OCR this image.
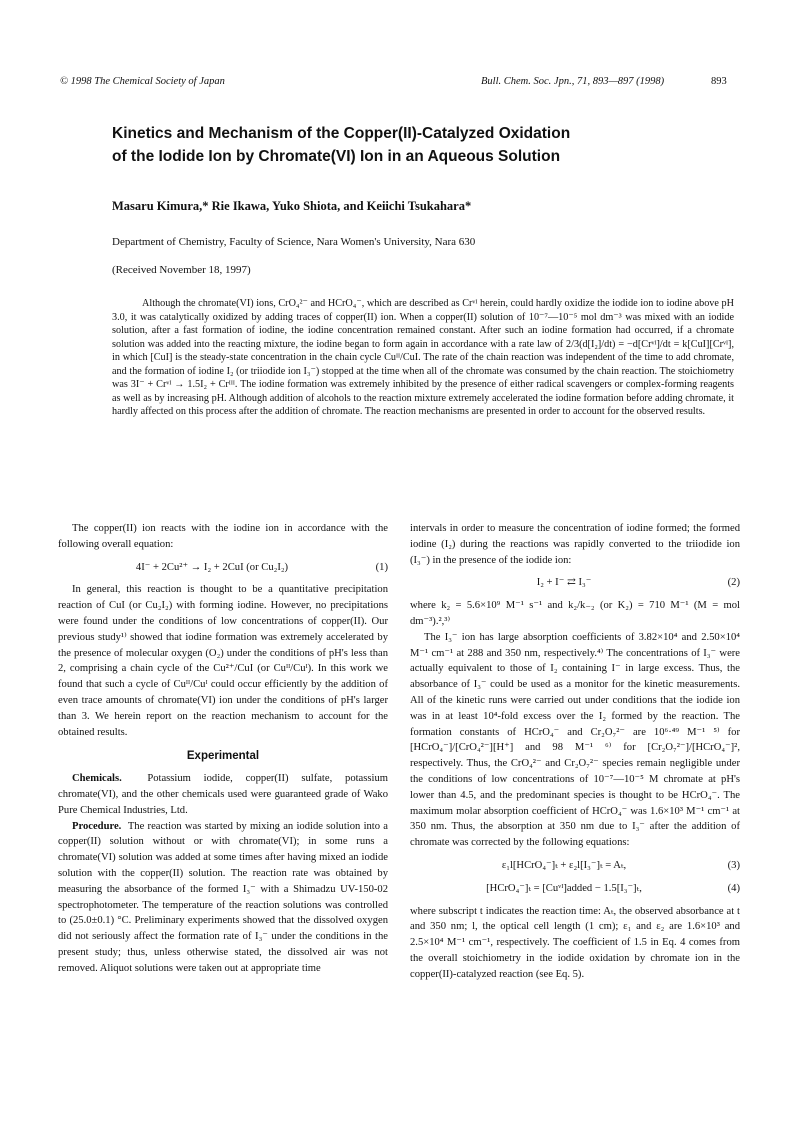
© 1998 The Chemical Society of Japan	Bull. Chem. Soc. Jpn., 71, 893—897 (1998)	893
Kinetics and Mechanism of the Copper(II)-Catalyzed Oxidation
of the Iodide Ion by Chromate(VI) Ion in an Aqueous Solution
Masaru Kimura,* Rie Ikawa, Yuko Shiota, and Keiichi Tsukahara*
Department of Chemistry, Faculty of Science, Nara Women's University, Nara 630
(Received November 18, 1997)

Although the chromate(VI) ions, CrO₄²⁻ and HCrO₄⁻, which are described as Crᵛᴵ herein, could hardly oxidize the iodide ion to iodine above pH 3.0, it was catalytically oxidized by adding traces of copper(II) ion. When a copper(II) solution of 10⁻⁷—10⁻⁵ mol dm⁻³ was mixed with an iodide solution, after a fast formation of iodine, the iodine concentration remained constant. After such an iodine formation had occurred, if a chromate solution was added into the reacting mixture, the iodine began to form again in accordance with a rate law of 2/3(d[I₂]/dt) = −d[Crᵛᴵ]/dt = k[CuI][Crᵛᴵ], in which [CuI] is the steady-state concentration in the chain cycle Cuᴵᴵ/CuI. The rate of the chain reaction was independent of the time to add chromate, and the formation of iodine I₂ (or triiodide ion I₃⁻) stopped at the time when all of the chromate was consumed by the chain reaction. The stoichiometry was 3I⁻ + Crᵛᴵ → 1.5I₂ + Crᴵᴵᴵ. The iodine formation was extremely inhibited by the presence of either radical scavengers or complex-forming reagents as well as by increasing pH. Although addition of alcohols to the reaction mixture extremely accelerated the iodine formation before adding chromate, it hardly affected on this process after the addition of chromate. The reaction mechanisms are presented in order to account for the observed results.

The copper(II) ion reacts with the iodine ion in accordance with the following overall equation:

4I⁻ + 2Cu²⁺ → I₂ + 2CuI (or Cu₂I₂)	(1)

In general, this reaction is thought to be a quantitative precipitation reaction of CuI (or Cu₂I₂) with forming iodine. However, no precipitations were found under the conditions of low concentrations of copper(II). Our previous study¹⁾ showed that iodine formation was extremely accelerated by the presence of molecular oxygen (O₂) under the conditions of pH's less than 2, comprising a chain cycle of the Cu²⁺/CuI (or Cuᴵᴵ/Cuᴵ). In this work we found that such a cycle of Cuᴵᴵ/Cuᴵ could occur efficiently by the addition of even trace amounts of chromate(VI) ion under the conditions of pH's larger than 3. We herein report on the reaction mechanism to account for the obtained results.

Experimental

Chemicals. Potassium iodide, copper(II) sulfate, potassium chromate(VI), and the other chemicals used were guaranteed grade of Wako Pure Chemical Industries, Ltd.

Procedure. The reaction was started by mixing an iodide solution into a copper(II) solution without or with chromate(VI); in some runs a chromate(VI) solution was added at some times after having mixed an iodide solution with the copper(II) solution. The reaction rate was obtained by measuring the absorbance of the formed I₃⁻ with a Shimadzu UV-150-02 spectrophotometer. The temperature of the reaction solutions was controlled to (25.0±0.1) °C. Preliminary experiments showed that the dissolved oxygen did not seriously affect the formation rate of I₃⁻ under the conditions in the present study; thus, unless otherwise stated, the dissolved air was not removed. Aliquot solutions were taken out at appropriate time

intervals in order to measure the concentration of iodine formed; the formed iodine (I₂) during the reactions was rapidly converted to the triiodide ion (I₃⁻) in the presence of the iodide ion:

I₂ + I⁻ ⇄ I₃⁻	(2)

where k₂ = 5.6×10⁹ M⁻¹ s⁻¹ and k₂/k₋₂ (or K₂) = 710 M⁻¹ (M = mol dm⁻³).²,³⁾

The I₃⁻ ion has large absorption coefficients of 3.82×10⁴ and 2.50×10⁴ M⁻¹ cm⁻¹ at 288 and 350 nm, respectively.⁴⁾ The concentrations of I₃⁻ were actually equivalent to those of I₂ containing I⁻ in large excess. Thus, the absorbance of I₃⁻ could be used as a monitor for the kinetic measurements. All of the kinetic runs were carried out under conditions that the iodide ion was in at least 10⁴-fold excess over the I₂ formed by the reaction. The formation constants of HCrO₄⁻ and Cr₂O₇²⁻ are 10⁶·⁴⁹ M⁻¹ ⁵⁾ for [HCrO₄⁻]/[CrO₄²⁻][H⁺] and 98 M⁻¹ ⁶⁾ for [Cr₂O₇²⁻]/[HCrO₄⁻]², respectively. Thus, the CrO₄²⁻ and Cr₂O₇²⁻ species remain negligible under the conditions of low concentrations of 10⁻⁷—10⁻⁵ M chromate at pH's lower than 4.5, and the predominant species is thought to be HCrO₄⁻. The maximum molar absorption coefficient of HCrO₄⁻ was 1.6×10³ M⁻¹ cm⁻¹ at 350 nm. Thus, the absorption at 350 nm due to I₃⁻ after the addition of chromate was corrected by the following equations:

ε₁l[HCrO₄⁻]ₜ + ε₂l[I₃⁻]ₜ = Aₜ,	(3)
[HCrO₄⁻]ₜ = [Cuᵛᴵ]added − 1.5[I₃⁻]ₜ,	(4)

where subscript t indicates the reaction time: Aₜ, the observed absorbance at t and 350 nm; l, the optical cell length (1 cm); ε₁ and ε₂ are 1.6×10³ and 2.5×10⁴ M⁻¹ cm⁻¹, respectively. The coefficient of 1.5 in Eq. 4 comes from the overall stoichiometry in the iodide oxidation by chromate ion in the copper(II)-catalyzed reaction (see Eq. 5).
